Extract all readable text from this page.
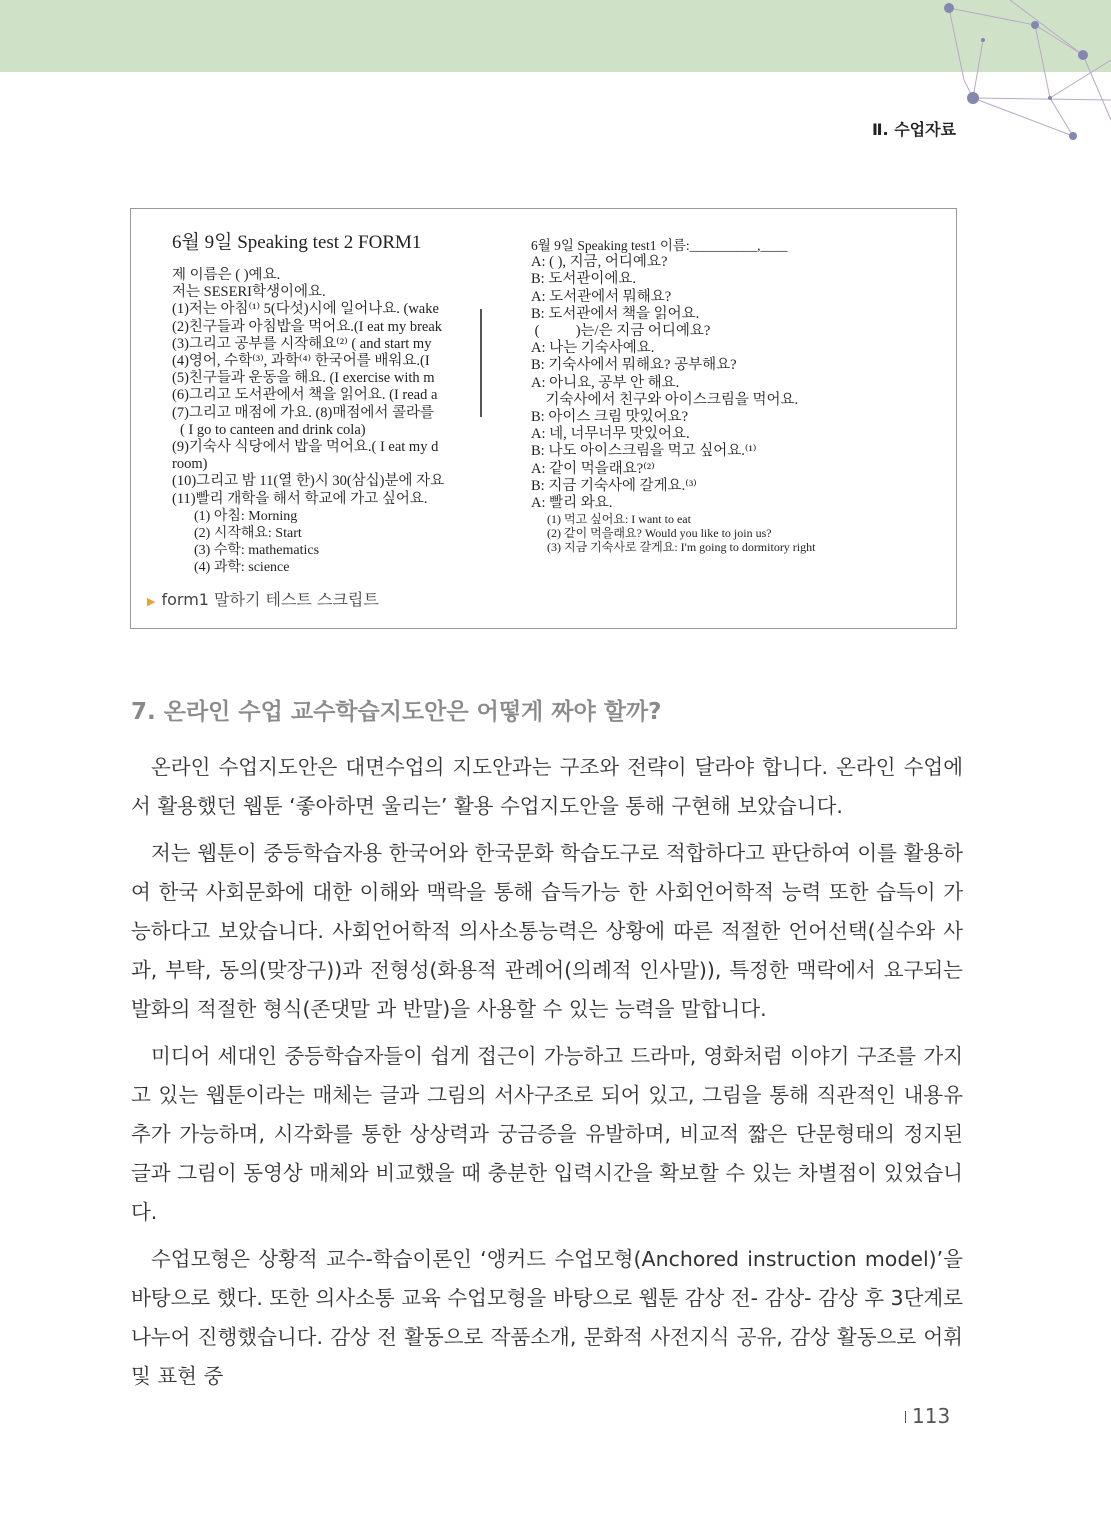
Ⅱ. 수업자료
6월 9일 Speaking test 2 FORM1
제 이름은 ( )예요.
저는 SESERI학생이에요.
(1)저는 아침⁽¹⁾ 5(다섯)시에 일어나요. (wake
(2)친구들과 아침밥을 먹어요.(I eat my break
(3)그리고 공부를 시작해요⁽²⁾ ( and start my
(4)영어, 수학⁽³⁾, 과학⁽⁴⁾ 한국어를 배워요.(I
(5)친구들과 운동을 해요. (I exercise with m
(6)그리고 도서관에서 책을 읽어요. (I read a
(7)그리고 매점에 가요. (8)매점에서 콜라를
( I go to canteen and drink cola)
(9)기숙사 식당에서 밥을 먹어요.( I eat my d
room)
(10)그리고 밤 11(열 한)시 30(삼십)분에 자요
(11)빨리 개학을 해서 학교에 가고 싶어요.
(1) 아침: Morning
(2) 시작해요: Start
(3) 수학: mathematics
(4) 과학: science
6월 9일 Speaking test1 이름:__________,____
A: ( ), 지금, 어디예요?
B: 도서관이에요.
A: 도서관에서 뭐해요?
B: 도서관에서 책을 읽어요.
(          )는/은 지금 어디예요?
A: 나는 기숙사예요.
B: 기숙사에서 뭐해요? 공부해요?
A: 아니요, 공부 안 해요.
기숙사에서 친구와 아이스크림을 먹어요.
B: 아이스 크림 맛있어요?
A: 네, 너무너무 맛있어요.
B: 나도 아이스크림을 먹고 싶어요.⁽¹⁾
A: 같이 먹을래요?⁽²⁾
B: 지금 기숙사에 갈게요.⁽³⁾
A: 빨리 와요.
(1) 먹고 싶어요: I want to eat
(2) 같이 먹을래요? Would you like to join us?
(3) 지금 기숙사로 갈게요: I'm going to dormitory right
▶ form1 말하기 테스트 스크립트
7. 온라인 수업 교수학습지도안은 어떻게 짜야 할까?

온라인 수업지도안은 대면수업의 지도안과는 구조와 전략이 달라야 합니다. 온라인 수업에서 활용했던 웹툰 ‘좋아하면 울리는’ 활용 수업지도안을 통해 구현해 보았습니다.

저는 웹툰이 중등학습자용 한국어와 한국문화 학습도구로 적합하다고 판단하여 이를 활용하여 한국 사회문화에 대한 이해와 맥락을 통해 습득가능 한 사회언어학적 능력 또한 습득이 가능하다고 보았습니다. 사회언어학적 의사소통능력은 상황에 따른 적절한 언어선택(실수와 사과, 부탁, 동의(맞장구))과 전형성(화용적 관례어(의례적 인사말)), 특정한 맥락에서 요구되는 발화의 적절한 형식(존댓말 과 반말)을 사용할 수 있는 능력을 말합니다.

미디어 세대인 중등학습자들이 쉽게 접근이 가능하고 드라마, 영화처럼 이야기 구조를 가지고 있는 웹툰이라는 매체는 글과 그림의 서사구조로 되어 있고, 그림을 통해 직관적인 내용유추가 가능하며, 시각화를 통한 상상력과 궁금증을 유발하며, 비교적 짧은 단문형태의 정지된 글과 그림이 동영상 매체와 비교했을 때 충분한 입력시간을 확보할 수 있는 차별점이 있었습니다.

수업모형은 상황적 교수-학습이론인 ‘앵커드 수업모형(Anchored instruction model)’을 바탕으로 했다. 또한 의사소통 교육 수업모형을 바탕으로 웹툰 감상 전- 감상- 감상 후 3단계로 나누어 진행했습니다. 감상 전 활동으로 작품소개, 문화적 사전지식 공유, 감상 활동으로 어휘 및 표현 중

113
